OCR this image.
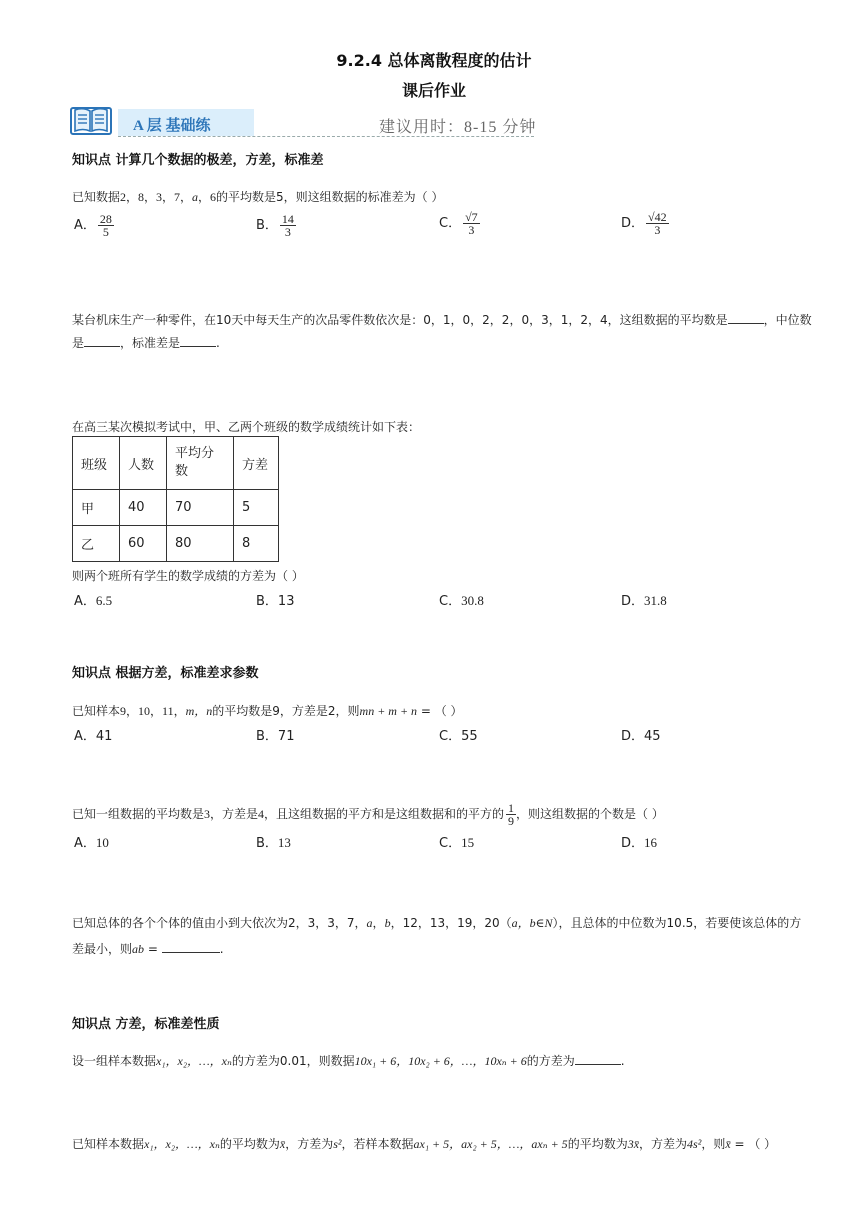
9.2.4 总体离散程度的估计
课后作业
A 层 基础练	建议用时：8-15 分钟
知识点 计算几个数据的极差，方差，标准差
已知数据2，8，3，7，a，6的平均数是5，则这组数据的标准差为（ ）
A． $\frac{28}{5}$	B． $\frac{14}{3}$	C． $\frac{√7}{3}$	D． $\frac{√42}{3}$
某台机床生产一种零件，在10天中每天生产的次品零件数依次是：0，1，0，2，2，0，3，1，2，4，这组数据的平均数是	，中位数
是	，标准差是	.
在高三某次模拟考试中，甲、乙两个班级的数学成绩统计如下表：
班级	人数	平均分数	方差
甲	40	70	5
乙	60	80	8
则两个班所有学生的数学成绩的方差为（ ）
A．6.5	B．13	C．30.8	D．31.8
知识点 根据方差，标准差求参数
已知样本9，10，11，m，n的平均数是9，方差是2，则mn + m + n = （ ）
A．41	B．71	C．55	D．45
已知一组数据的平均数是3，方差是4，且这组数据的平方和是这组数据和的平方的 $\frac{1}{9}$ ，则这组数据的个数是（ ）
A．10	B．13	C．15	D．16
已知总体的各个个体的值由小到大依次为2，3，3，7，a，b，12，13，19，20（a，b∈N），且总体的中位数为10.5，若要使该总体的方
差最小，则ab =	.
知识点 方差，标准差性质
设一组样本数据x₁，x₂，…，xₙ的方差为0.01，则数据10x₁ + 6，10x₂ + 6，…，10xₙ + 6的方差为	.
已知样本数据x₁，x₂，…，xₙ的平均数为x̄，方差为s²，若样本数据ax₁ + 5，ax₂ + 5，…，axₙ + 5的平均数为3x̄，方差为4s²，则x̄ = （ ）
